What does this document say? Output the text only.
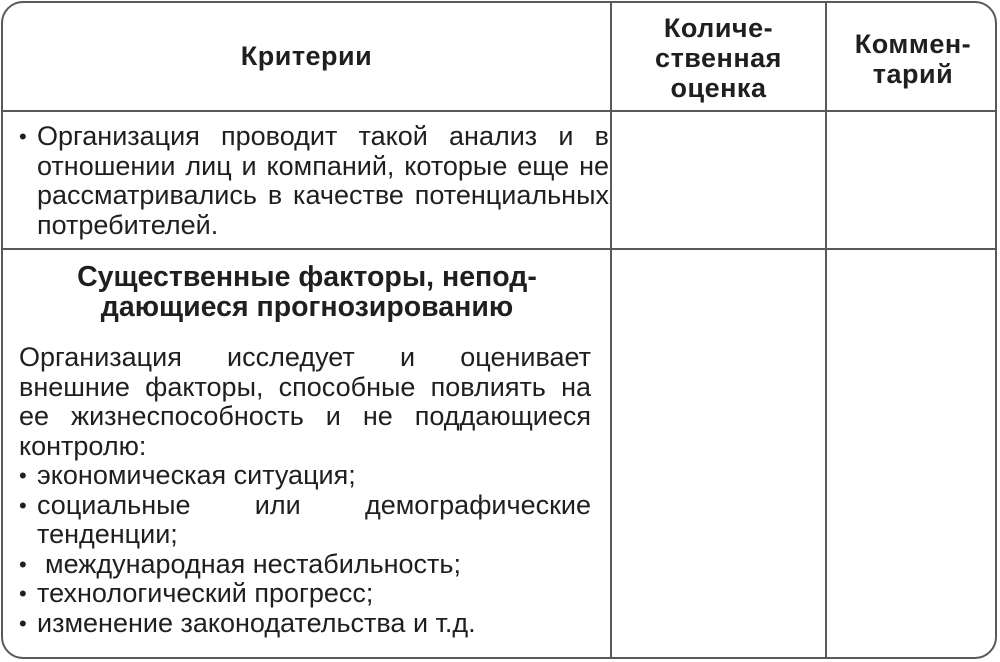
Критерии

Количе-
ственная
оценка

Коммен-
тарий

• Организация проводит такой анализ и в отношении лиц и компаний, которые еще не рассматривались в качестве потенциальных потребителей.

Существенные факторы, непод-
дающиеся прогнозированию

Организация исследует и оценивает внешние факторы, способные повлиять на ее жизнеспособность и не поддающиеся контролю:

• экономическая ситуация;
• социальные или демографические тенденции;
• международная нестабильность;
• технологический прогресс;
• изменение законодательства и т.д.
